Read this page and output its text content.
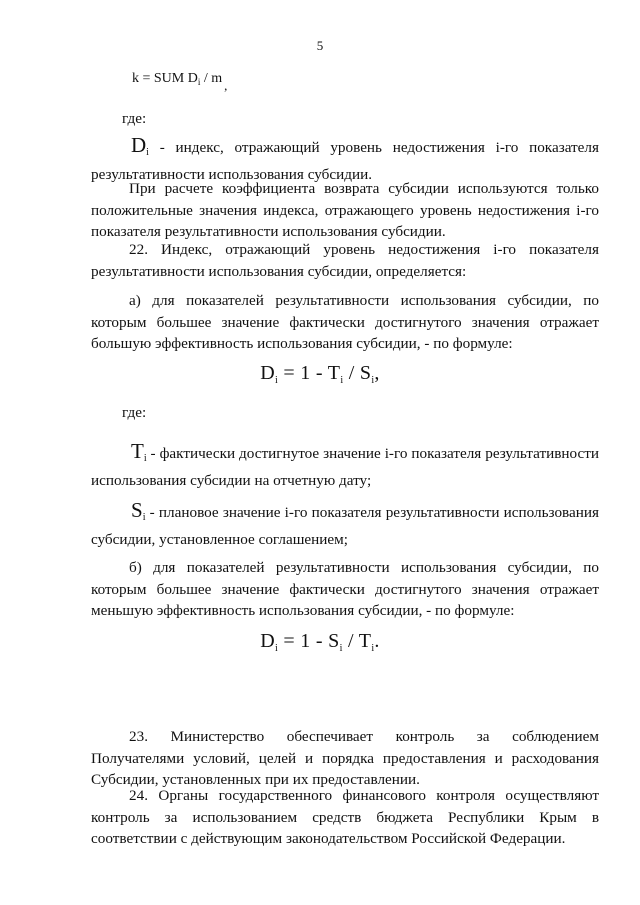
5
k = SUM $D_i$ / m ,
где:
$D_i$ - индекс, отражающий уровень недостижения i-го показателя результативности использования субсидии.
При расчете коэффициента возврата субсидии используются только положительные значения индекса, отражающего уровень недостижения i-го показателя результативности использования субсидии.
22. Индекс, отражающий уровень недостижения i-го показателя результативности использования субсидии, определяется:
а) для показателей результативности использования субсидии, по которым большее значение фактически достигнутого значения отражает большую эффективность использования субсидии, - по формуле:
$D_i = 1 - T_i / S_i$,
где:
$T_i$ - фактически достигнутое значение i-го показателя результативности использования субсидии на отчетную дату;
$S_i$ - плановое значение i-го показателя результативности использования субсидии, установленное соглашением;
б) для показателей результативности использования субсидии, по которым большее значение фактически достигнутого значения отражает меньшую эффективность использования субсидии, - по формуле:
$D_i = 1 - S_i / T_i$.
23. Министерство обеспечивает контроль за соблюдением Получателями условий, целей и порядка предоставления и расходования Субсидии, установленных при их предоставлении.
24. Органы государственного финансового контроля осуществляют контроль за использованием средств бюджета Республики Крым в соответствии с действующим законодательством Российской Федерации.
